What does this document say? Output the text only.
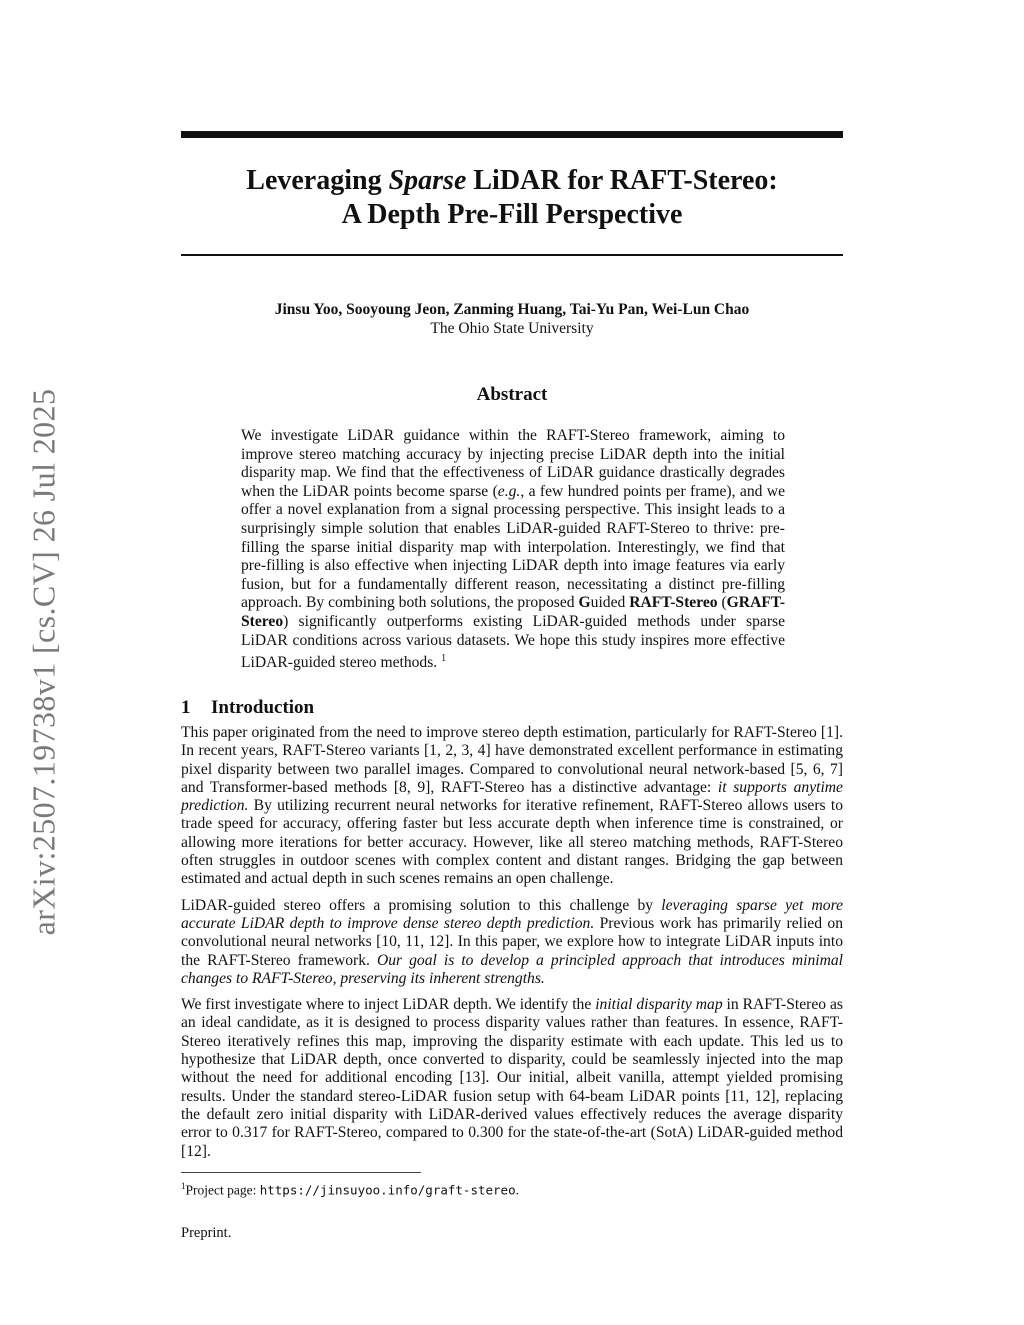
arXiv:2507.19738v1 [cs.CV] 26 Jul 2025
Leveraging Sparse LiDAR for RAFT-Stereo:
A Depth Pre-Fill Perspective
Jinsu Yoo, Sooyoung Jeon, Zanming Huang, Tai-Yu Pan, Wei-Lun Chao
The Ohio State University
Abstract

We investigate LiDAR guidance within the RAFT-Stereo framework, aiming to improve stereo matching accuracy by injecting precise LiDAR depth into the initial disparity map. We find that the effectiveness of LiDAR guidance drastically degrades when the LiDAR points become sparse (e.g., a few hundred points per frame), and we offer a novel explanation from a signal processing perspective. This insight leads to a surprisingly simple solution that enables LiDAR-guided RAFT-Stereo to thrive: pre-filling the sparse initial disparity map with interpolation. Interestingly, we find that pre-filling is also effective when injecting LiDAR depth into image features via early fusion, but for a fundamentally different reason, necessitating a distinct pre-filling approach. By combining both solutions, the proposed Guided RAFT-Stereo (GRAFT-Stereo) significantly outperforms existing LiDAR-guided methods under sparse LiDAR conditions across various datasets. We hope this study inspires more effective LiDAR-guided stereo methods. $^1$

1 Introduction

This paper originated from the need to improve stereo depth estimation, particularly for RAFT-Stereo [1]. In recent years, RAFT-Stereo variants [1, 2, 3, 4] have demonstrated excellent performance in estimating pixel disparity between two parallel images. Compared to convolutional neural network-based [5, 6, 7] and Transformer-based methods [8, 9], RAFT-Stereo has a distinctive advantage: it supports anytime prediction. By utilizing recurrent neural networks for iterative refinement, RAFT-Stereo allows users to trade speed for accuracy, offering faster but less accurate depth when inference time is constrained, or allowing more iterations for better accuracy. However, like all stereo matching methods, RAFT-Stereo often struggles in outdoor scenes with complex content and distant ranges. Bridging the gap between estimated and actual depth in such scenes remains an open challenge.

LiDAR-guided stereo offers a promising solution to this challenge by leveraging sparse yet more accurate LiDAR depth to improve dense stereo depth prediction. Previous work has primarily relied on convolutional neural networks [10, 11, 12]. In this paper, we explore how to integrate LiDAR inputs into the RAFT-Stereo framework. Our goal is to develop a principled approach that introduces minimal changes to RAFT-Stereo, preserving its inherent strengths.

We first investigate where to inject LiDAR depth. We identify the initial disparity map in RAFT-Stereo as an ideal candidate, as it is designed to process disparity values rather than features. In essence, RAFT-Stereo iteratively refines this map, improving the disparity estimate with each update. This led us to hypothesize that LiDAR depth, once converted to disparity, could be seamlessly injected into the map without the need for additional encoding [13]. Our initial, albeit vanilla, attempt yielded promising results. Under the standard stereo-LiDAR fusion setup with 64-beam LiDAR points [11, 12], replacing the default zero initial disparity with LiDAR-derived values effectively reduces the average disparity error to 0.317 for RAFT-Stereo, compared to 0.300 for the state-of-the-art (SotA) LiDAR-guided method [12].

$^1$Project page: https://jinsuyoo.info/graft-stereo.
Preprint.
